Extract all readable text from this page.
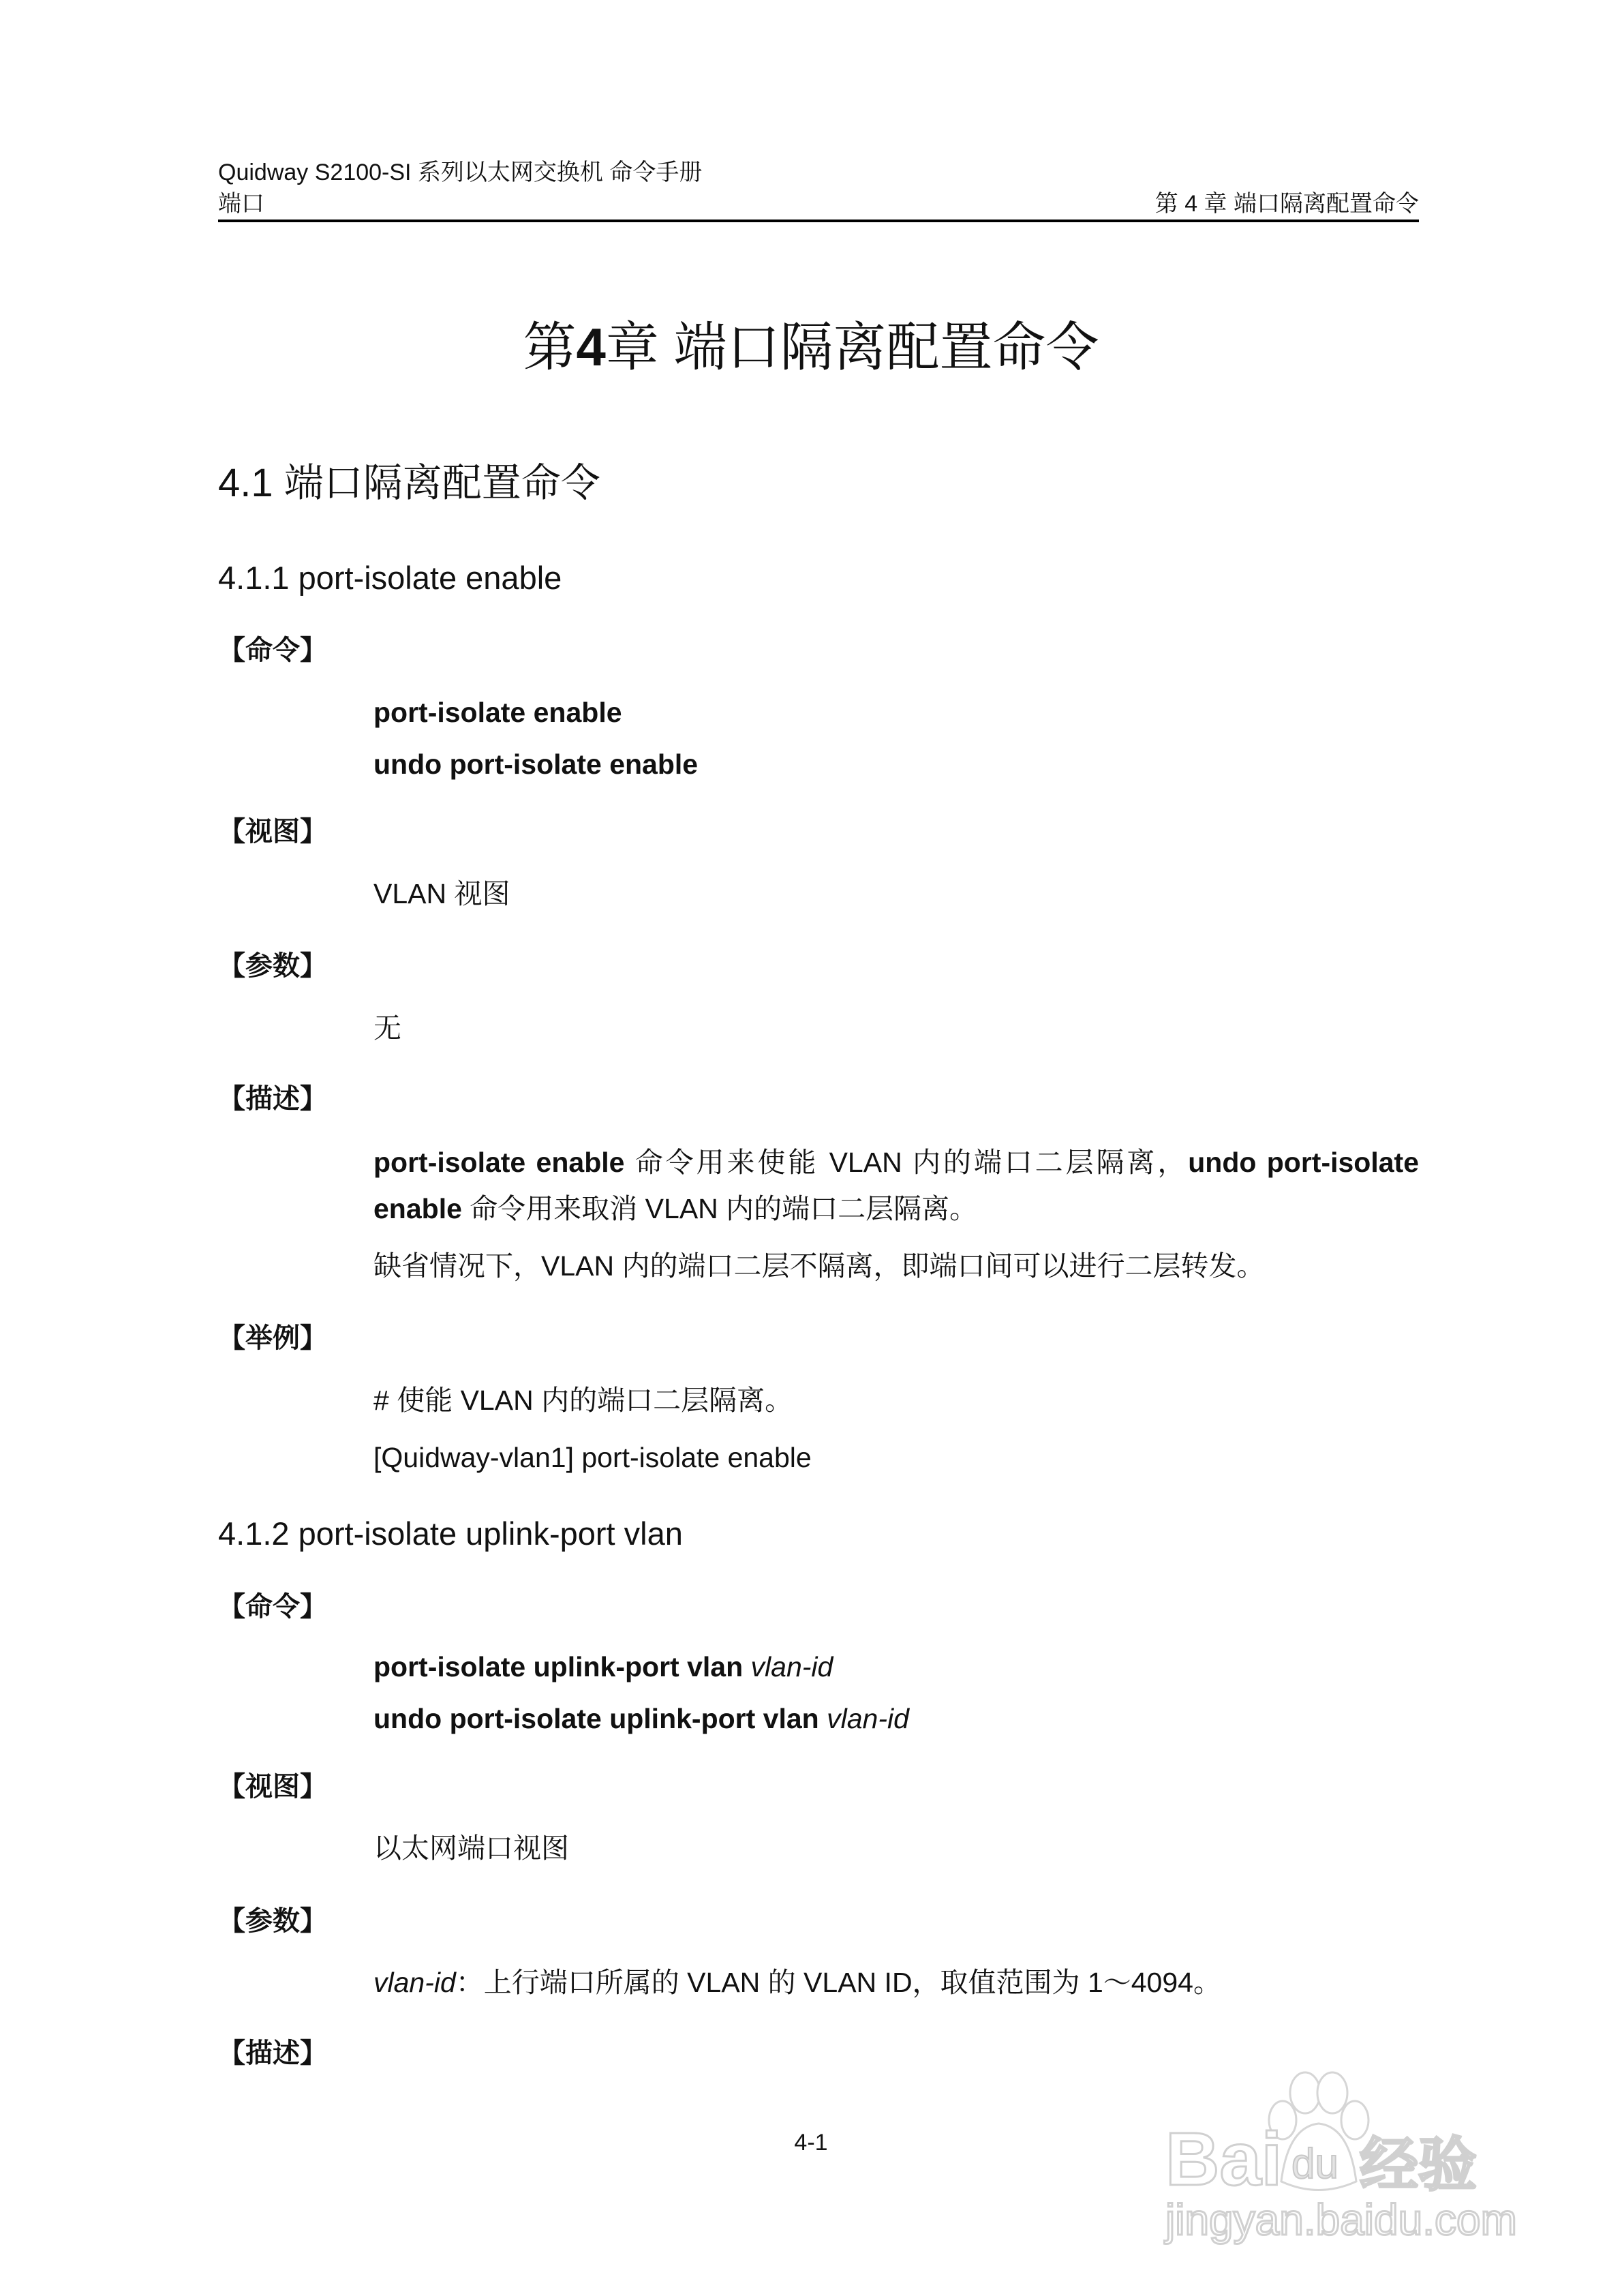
Quidway S2100-SI 系列以太网交换机 命令手册
端口	第 4 章 端口隔离配置命令
第4章 端口隔离配置命令
4.1 端口隔离配置命令
4.1.1 port-isolate enable
【命令】
port-isolate enable
undo port-isolate enable
【视图】
VLAN 视图
【参数】
无
【描述】
port-isolate enable 命令用来使能 VLAN 内的端口二层隔离，undo port-isolate enable 命令用来取消 VLAN 内的端口二层隔离。
缺省情况下，VLAN 内的端口二层不隔离，即端口间可以进行二层转发。
【举例】
# 使能 VLAN 内的端口二层隔离。
[Quidway-vlan1] port-isolate enable
4.1.2 port-isolate uplink-port vlan
【命令】
port-isolate uplink-port vlan vlan-id
undo port-isolate uplink-port vlan vlan-id
【视图】
以太网端口视图
【参数】
vlan-id：上行端口所属的 VLAN 的 VLAN ID，取值范围为 1～4094。
【描述】
4-1	Bai du 经验
jingyan.baidu.com
